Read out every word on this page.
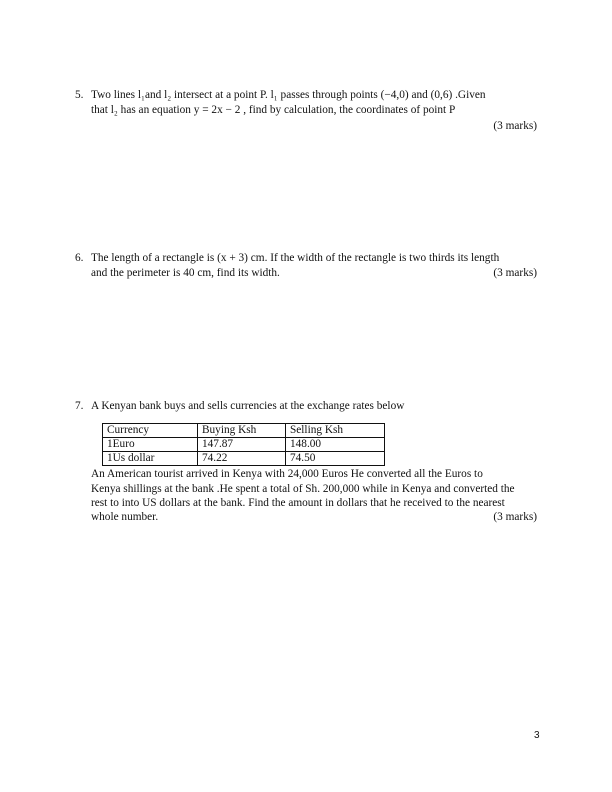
5. Two lines l₁and l₂ intersect at a point P. l₁ passes through points (−4,0) and (0,6) .Given
that l₂ has an equation y = 2x − 2 , find by calculation, the coordinates of point P
(3 marks)
6. The length of a rectangle is (x + 3) cm. If the width of the rectangle is two thirds its length
and the perimeter is 40 cm, find its width.	(3 marks)
7. A Kenyan bank buys and sells currencies at the exchange rates below
Currency	Buying Ksh	Selling Ksh
1Euro	147.87	148.00
1Us dollar	74.22	74.50
An American tourist arrived in Kenya with 24,000 Euros He converted all the Euros to
Kenya shillings at the bank .He spent a total of Sh. 200,000 while in Kenya and converted the
rest to into US dollars at the bank. Find the amount in dollars that he received to the nearest
whole number.	(3 marks)
3
